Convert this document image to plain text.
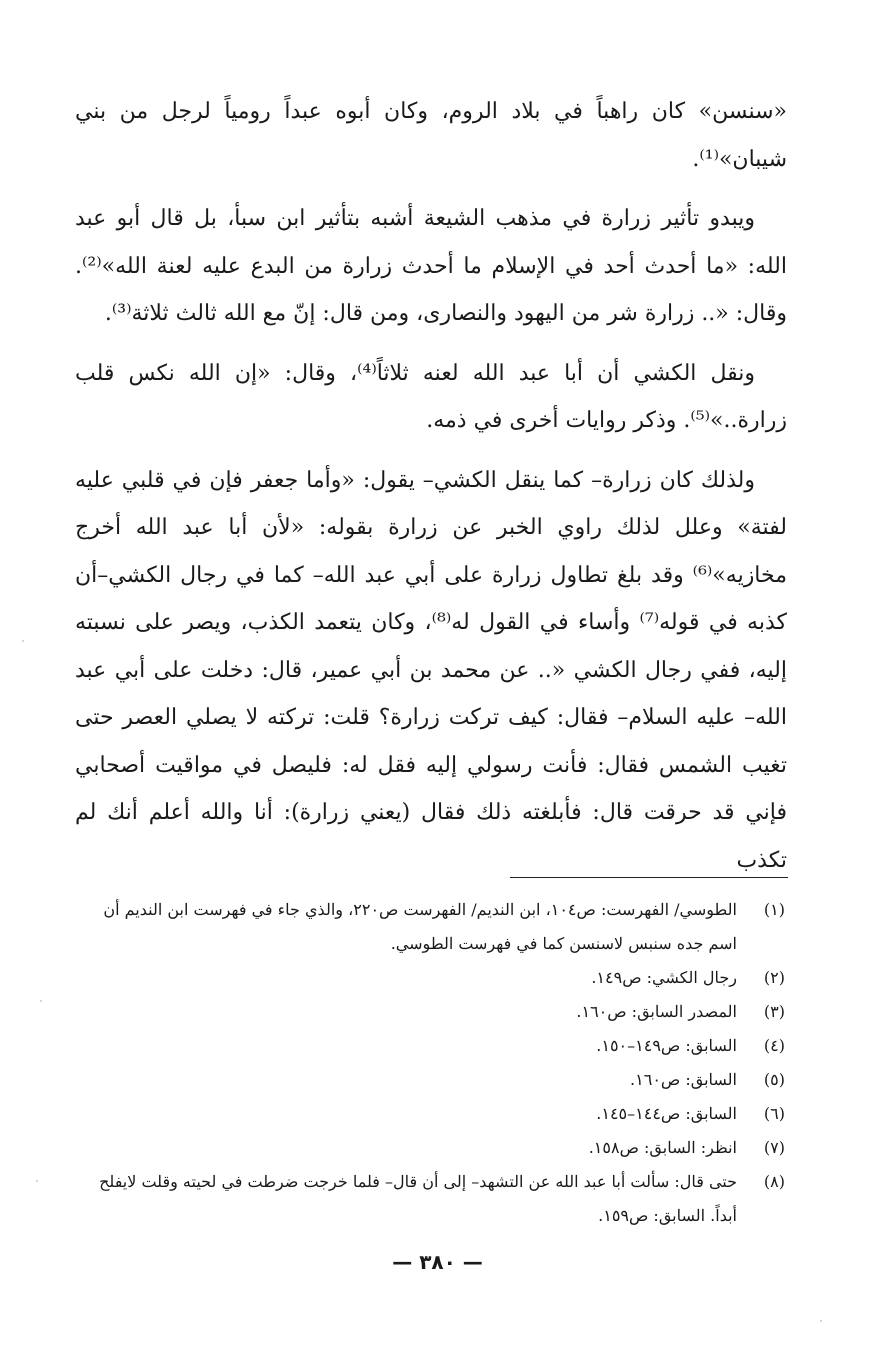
«سنسن» كان راهباً في بلاد الروم، وكان أبوه عبداً رومياً لرجل من بني شيبان»⁽¹⁾.

ويبدو تأثير زرارة في مذهب الشيعة أشبه بتأثير ابن سبأ، بل قال أبو عبد الله: «ما أحدث أحد في الإسلام ما أحدث زرارة من البدع عليه لعنة الله»⁽²⁾. وقال: «.. زرارة شر من اليهود والنصارى، ومن قال: إنّ مع الله ثالث ثلاثة⁽³⁾.

ونقل الكشي أن أبا عبد الله لعنه ثلاثاً⁽⁴⁾، وقال: «إن الله نكس قلب زرارة..»⁽⁵⁾. وذكر روايات أخرى في ذمه.

ولذلك كان زرارة– كما ينقل الكشي– يقول: «وأما جعفر فإن في قلبي عليه لفتة» وعلل لذلك راوي الخبر عن زرارة بقوله: «لأن أبا عبد الله أخرج مخازيه»⁽⁶⁾ وقد بلغ تطاول زرارة على أبي عبد الله– كما في رجال الكشي–أن كذبه في قوله⁽⁷⁾ وأساء في القول له⁽⁸⁾، وكان يتعمد الكذب، ويصر على نسبته إليه، ففي رجال الكشي «.. عن محمد بن أبي عمير، قال: دخلت على أبي عبد الله– عليه السلام– فقال: كيف تركت زرارة؟ قلت: تركته لا يصلي العصر حتى تغيب الشمس فقال: فأنت رسولي إليه فقل له: فليصل في مواقيت أصحابي فإني قد حرقت قال: فأبلغته ذلك فقال (يعني زرارة): أنا والله أعلم أنك لم تكذب

(١)
الطوسي/ الفهرست: ص١٠٤، ابن النديم/ الفهرست ص٢٢٠، والذي جاء في فهرست ابن النديم أن اسم جده سنبس لاسنسن كما في فهرست الطوسي.
(٢)
رجال الكشي: ص١٤٩.
(٣)
المصدر السابق: ص١٦٠.
(٤)
السابق: ص١٤٩–١٥٠.
(٥)
السابق: ص١٦٠.
(٦)
السابق: ص١٤٤–١٤٥.
(٧)
انظر: السابق: ص١٥٨.
(٨)
حتى قال: سألت أبا عبد الله عن التشهد– إلى أن قال– فلما خرجت ضرطت في لحيته وقلت لايفلح أبداً. السابق: ص١٥٩.
— ٣٨٠ —
